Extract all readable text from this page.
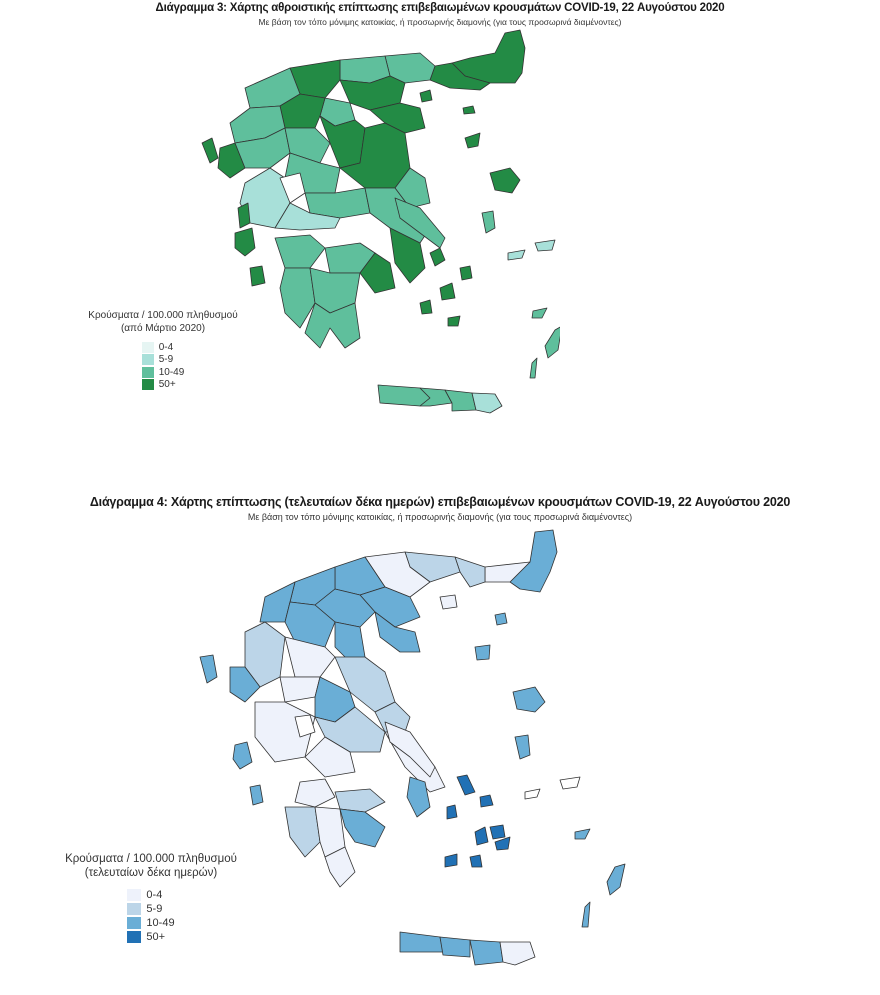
Διάγραμμα 3: Χάρτης αθροιστικής επίπτωσης επιβεβαιωμένων κρουσμάτων COVID-19, 22 Αυγούστου 2020
Με βάση τον τόπο μόνιμης κατοικίας, ή προσωρινής διαμονής (για τους προσωρινά διαμένοντες)
Κρούσματα / 100.000 πληθυσμού
(από Μάρτιο 2020)
0-4
5-9
10-49
50+
Διάγραμμα 4: Χάρτης επίπτωσης (τελευταίων δέκα ημερών) επιβεβαιωμένων κρουσμάτων COVID-19, 22 Αυγούστου 2020
Με βάση τον τόπο μόνιμης κατοικίας, ή προσωρινής διαμονής (για τους προσωρινά διαμένοντες)
Κρούσματα / 100.000 πληθυσμού
(τελευταίων δέκα ημερών)
0-4
5-9
10-49
50+
